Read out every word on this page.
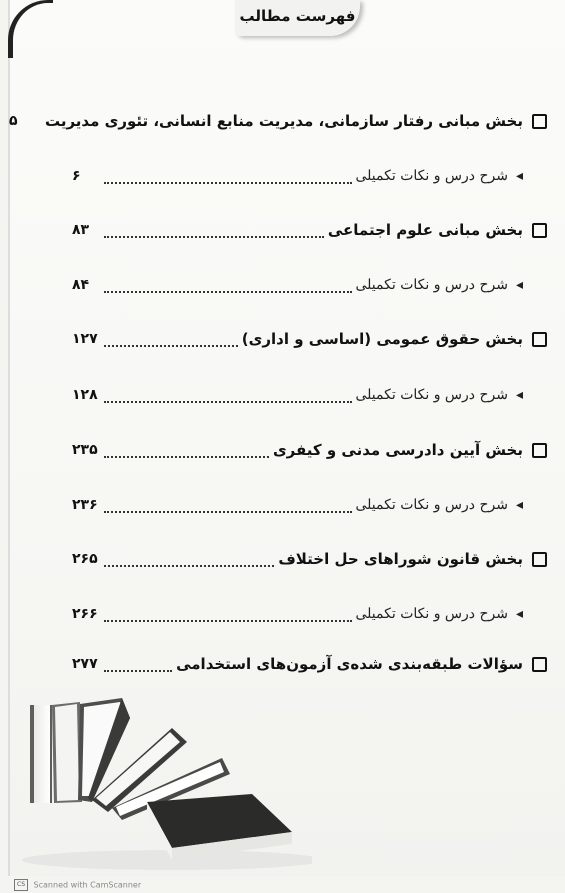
فهرست مطالب
بخش مبانی رفتار سازمانی، مدیریت منابع انسانی، تئوری مدیریت
۵
◂
شرح درس و نکات تکمیلی
۶
بخش مبانی علوم اجتماعی
۸۳
◂
شرح درس و نکات تکمیلی
۸۴
بخش حقوق عمومی (اساسی و اداری)
۱۲۷
◂
شرح درس و نکات تکمیلی
۱۲۸
بخش آیین دادرسی مدنی و کیفری
۲۳۵
◂
شرح درس و نکات تکمیلی
۲۳۶
بخش قانون شوراهای حل اختلاف
۲۶۵
◂
شرح درس و نکات تکمیلی
۲۶۶
سؤالات طبقه‌بندی شده‌ی آزمون‌های استخدامی
۲۷۷
CS Scanned with CamScanner
